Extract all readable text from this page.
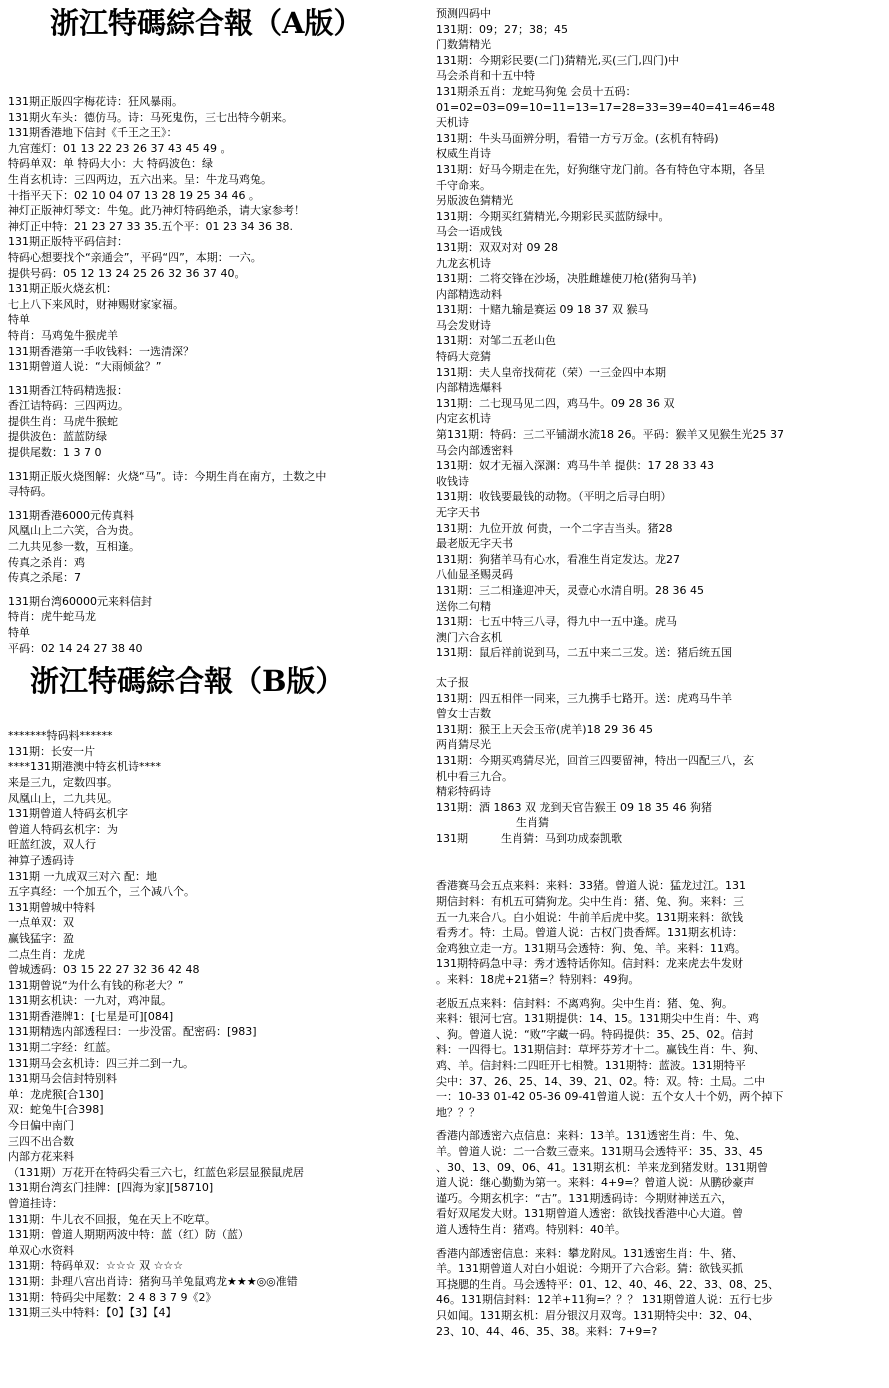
浙江特碼綜合報（A版）
131期正版四字梅花诗：狂风暴雨。
131期火车头：德仿马。诗：马死鬼伤，三七出特今朝来。
131期香港地下信封《千王之王》：
九宫莲灯：01 13 22 23 26 37 43 45 49 。
特码单双：单 特码大小：大 特码波色：绿
生肖玄机诗：三四两边，五六出来。呈：牛龙马鸡兔。
十指平天下：02 10 04 07 13 28 19 25 34 46 。
神灯正版神灯琴文：牛兔。此乃神灯特码绝杀，请大家参考！
神灯正中特：21 23 27 33 35.五个平：01 23 34 36 38.
131期正版特平码信封：
特码心想要找个“亲通会”，平码“四”，本期：一六。
提供号码：05 12 13 24 25 26 32 36 37 40。
131期正版火烧玄机：
七上八下来风时，财神赐财家家福。
特单
特肖：马鸡兔牛猴虎羊
131期香港第一手收钱料：一选清深？
131期曾道人说：“大雨倾盆？”
131期香江特码精选报：
香江诘特码：三四两边。
提供生肖：马虎牛猴蛇
提供波色：蓝蓝防绿
提供尾数：1 3 7 0
131期正版火烧图解：火烧“马”。诗：今期生肖在南方，土数之中
寻特码。
131期香港6000元传真料
风凰山上二六笑，合为贵。
二九共见参一数，互相逢。
传真之杀肖：鸡
传真之杀尾：7
131期台湾60000元来料信封
特肖：虎牛蛇马龙
特单
平码：02 14 24 27 38 40
浙江特碼綜合報（B版）
*******特码料******
131期：长安一片
****131期港澳中特玄机诗****
来是三九，定数四事。
凤凰山上，二九共见。
131期曾道人特码玄机字
曾道人特码玄机字：为
旺蓝红波，双人行
神算子透码诗
131期 一九成双三对六 配：地
五字真经：一个加五个，三个减八个。
131期曾城中特料
一点单双：双
赢钱猛字：盈
二点生肖：龙虎
曾城透码：03 15 22 27 32 36 42 48
131期曾说“为什么有钱的称老大？”
131期玄机诀：一九对，鸡冲鼠。
131期香港牌1：[七星是可][084]
131期精选内部透程曰：一步没雷。配密码：[983]
131期二字经：红蓝。
131期马会玄机诗：四三并二到一九。
131期马会信封特别料
单：龙虎猴[合130]
双：蛇兔牛[合398]
今日偏中南门
三四不出合数
内部方花来料
（131期）万花开在特码尖看三六七，红蓝色彩层显猴鼠虎居
131期台湾玄门挂牌：[四海为家][58710]
曾道挂诗：
131期：牛儿衣不回报，兔在天上不吃草。
131期：曾道人期期两波中特：蓝（红）防（蓝）
单双心水资料
131期：特码单双：☆☆☆ 双 ☆☆☆
131期：卦理八宫出肖诗：猪狗马羊兔鼠鸡龙★★★◎◎准错
131期：特码尖中尾数：2 4 8 3 7 9《2》
131期三头中特料：【0】【3】【4】
预测四码中
131期：09；27；38；45
门数猜精光
131期：今期彩民要(二门)猜精光,买(三门,四门)中
马会杀肖和十五中特
131期杀五肖：龙蛇马狗兔 会员十五码：
01=02=03=09=10=11=13=17=28=33=39=40=41=46=48
天机诗
131期：牛头马面辨分明，看错一方亏万金。(玄机有特码)
权威生肖诗
131期：好马今期走在先，好狗继守龙门前。各有特色守本期，各呈
千守命来。
另版波色猜精光
131期：今期买红猜精光,今期彩民买蓝防绿中。
马会一语成钱
131期：双双对对 09 28
九龙玄机诗
131期：二将交锋在沙场，决胜雌雄使刀枪(猪狗马羊)
内部精选动料
131期：十赌九输是赛运 09 18 37 双 猴马
马会发财诗
131期：对邹二五老山色
特码大竞猜
131期：夫人皇帝找荷花（荣）一三金四中本期
内部精选爆料
131期：二七现马见二四，鸡马牛。09 28 36 双
内定玄机诗
第131期：特码：三二平铺湖水流18 26。平码：猴羊又见猴生光25 37
马会内部透密料
131期：奴才无福入深渊：鸡马牛羊 提供：17 28 33 43
收钱诗
131期：收钱要最钱的动物。（平明之后寻白明）
无字天书
131期：九位开放 何贵，一个二字吉当头。猪28
最老版无字天书
131期：狗猪羊马有心水，看准生肖定发达。龙27
八仙显圣赐灵码
131期：三二相逢迎冲天，灵壹心水清自明。28 36 45
送你二句精
131期：七五中特三八寻，得九中一五中逢。虎马
澳门六合玄机
131期：鼠后祥前说到马，二五中来二三发。送：猪后统五国
太子报
131期：四五相伴一同来，三九携手七路开。送：虎鸡马牛羊
曾女士吉数
131期：猴王上天会玉帝(虎羊)18 29 36 45
两肖猜尽光
131期：今期买鸡猜尽光，回首三四要留神，特出一四配三八，玄
机中看三九合。
精彩特码诗
131期：酒 1863 双 龙到天官告猴王 09 18 35 46 狗猪
生肖猜
131期　　　生肖猜：马到功成泰凯歌
香港赛马会五点来料：来料：33猪。曾道人说：猛龙过江。131
期信封料：有机五可猜狗龙。尖中生肖：猪、兔、狗。来料：三
五一九来合八。白小姐说：牛前羊后虎中奖。131期来料：欲钱
看秀才。特：土局。曾道人说：古权门贵香辉。131期玄机诗：
金鸡独立走一方。131期马会透特：狗、兔、羊。来料：11鸡。
131期特码急中寻：秀才透特话你知。信封料：龙来虎去牛发财
。来料：18虎+21猪=？特别料：49狗。
老版五点来料：信封料：不离鸡狗。尖中生肖：猪、兔、狗。
来料：银河七宫。131期提供：14、15。131期尖中生肖：牛、鸡
、狗。曾道人说：“败”字藏一码。特码提供：35、25、02。信封
料：一四得七。131期信封：草坪芬芳才十二。赢钱生肖：牛、狗、
鸡、羊。信封料:二四旺开七相赞。131期特：蓝波。131期特平
尖中：37、26、25、14、39、21、02。特：双。特：土局。二中
一：10-33 01-42 05-36 09-41曾道人说：五个女人十个奶，两个掉下
地？？？
香港内部透密六点信息：来料：13羊。131透密生肖：牛、兔、
羊。曾道人说：二一合数三壹来。131期马会透特平：35、33、45
、30、13、09、06、41。131期玄机：羊来龙到猪发财。131期曾
道人说：继心勤勤为第一。来料：4+9=？曾道人说：从鹏砂豪声
谨巧。今期玄机字：“古”。131期透码诗：今期财神送五六，
看好双尾发大财。131期曾道人透密：欲钱找香港中心大道。曾
道人透特生肖：猪鸡。特别料：40羊。
香港内部透密信息：来料：攀龙附凤。131透密生肖：牛、猪、
羊。131期曾道人对白小姐说：今期开了六合彩。猜：欲钱买抓
耳挠腮的生肖。马会透特平：01、12、40、46、22、33、08、25、
46。131期信封料：12羊+11狗=？？？ 131期曾道人说：五行七步
只如闻。131期玄机：眉分银汉月双弯。131期特尖中：32、04、
23、10、44、46、35、38。来料：7+9=?
